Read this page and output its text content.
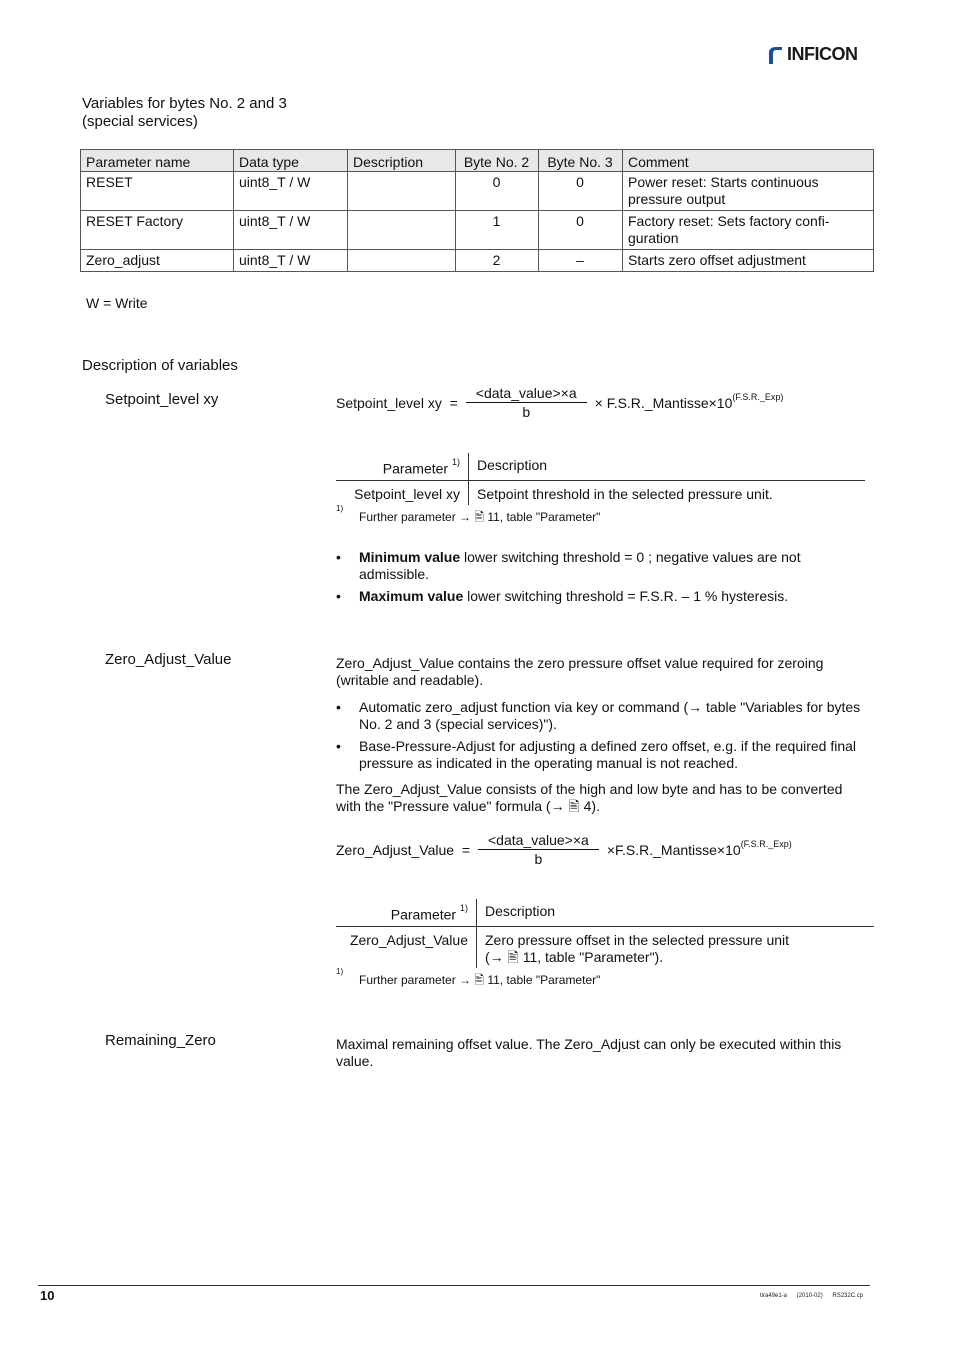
INFICON
Variables for bytes No. 2 and 3
(special services)
Parameter name	Data type	Description	Byte No. 2	Byte No. 3	Comment
RESET	uint8_T / W		0	0	Power reset: Starts continuous
pressure output

RESET Factory	uint8_T / W		1	0	Factory reset: Sets factory confi-
guration

Zero_adjust	uint8_T / W		2	–	Starts zero offset adjustment
W = Write
Description of variables
Setpoint_level xy	Setpoint_level xy  = $\frac{\text{<data\_value>×a}}{b}$ × $F.S.R.\_Mantisse\times 10^{(F.S.R.\_Exp)}$
Parameter $^{1)}$	Description
Setpoint_level xy	Setpoint threshold in the selected pressure unit.
1)
Further parameter → 🖹 11, table "Parameter"
• Minimum value lower switching threshold = 0 ; negative values are not admissible.
• Maximum value lower switching threshold = F.S.R. – 1 % hysteresis.
Zero_Adjust_Value	Zero_Adjust_Value contains the zero pressure offset value required for zeroing (writable and readable).
• Automatic zero_adjust function via key or command (→ table "Variables for bytes No. 2 and 3 (special services)").
• Base-Pressure-Adjust for adjusting a defined zero offset, e.g. if the required final pressure as indicated in the operating manual is not reached.
The Zero_Adjust_Value consists of the high and low byte and has to be converted with the "Pressure value" formula (→ 🖹 4).
Zero_Adjust_Value  = $\frac{\text{<data\_value>×a}}{b}$ $\times F.S.R.\_Mantisse\times 10^{(F.S.R.\_Exp)}$
Parameter $^{1)}$	Description
Zero_Adjust_Value	Zero pressure offset in the selected pressure unit
(→ 🖹 11, table "Parameter").
1)
Further parameter → 🖹 11, table "Parameter"
Remaining_Zero	Maximal remaining offset value. The Zero_Adjust can only be executed within this value.
10	tira49e1-a (2010-02) RS232C.cp
